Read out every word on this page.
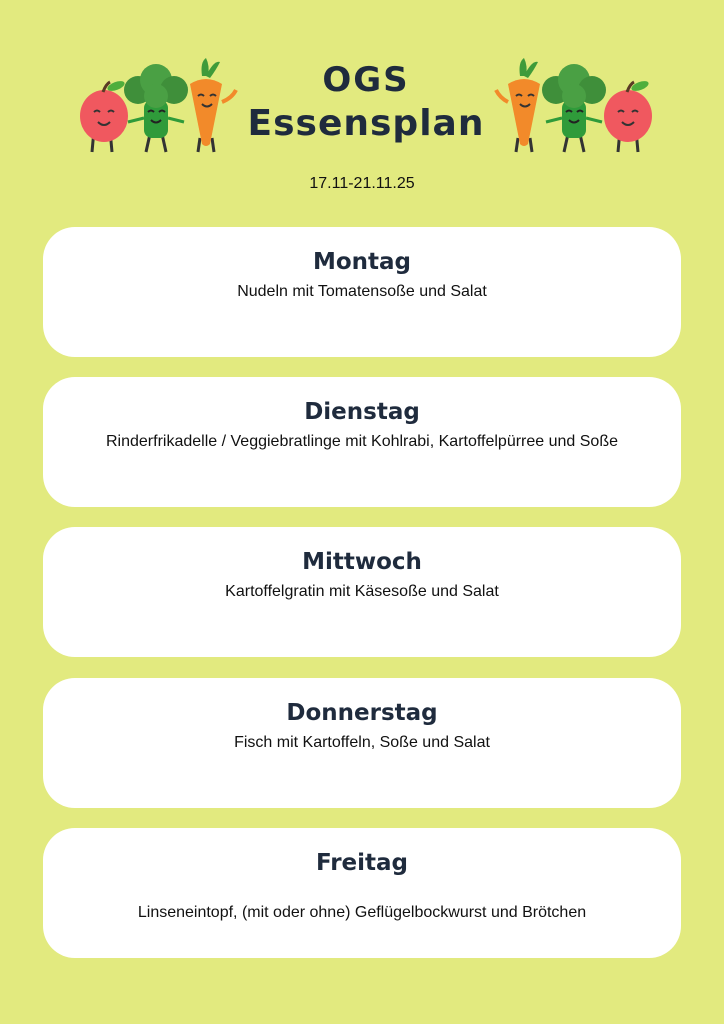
OGS
Essensplan
17.11-21.11.25
Montag
Nudeln mit Tomatensoße und Salat
Dienstag
Rinderfrikadelle / Veggiebratlinge mit Kohlrabi, Kartoffelpürree und Soße
Mittwoch
Kartoffelgratin mit Käsesoße und Salat
Donnerstag
Fisch mit Kartoffeln, Soße und Salat
Freitag
Linseneintopf, (mit oder ohne) Geflügelbockwurst und Brötchen
